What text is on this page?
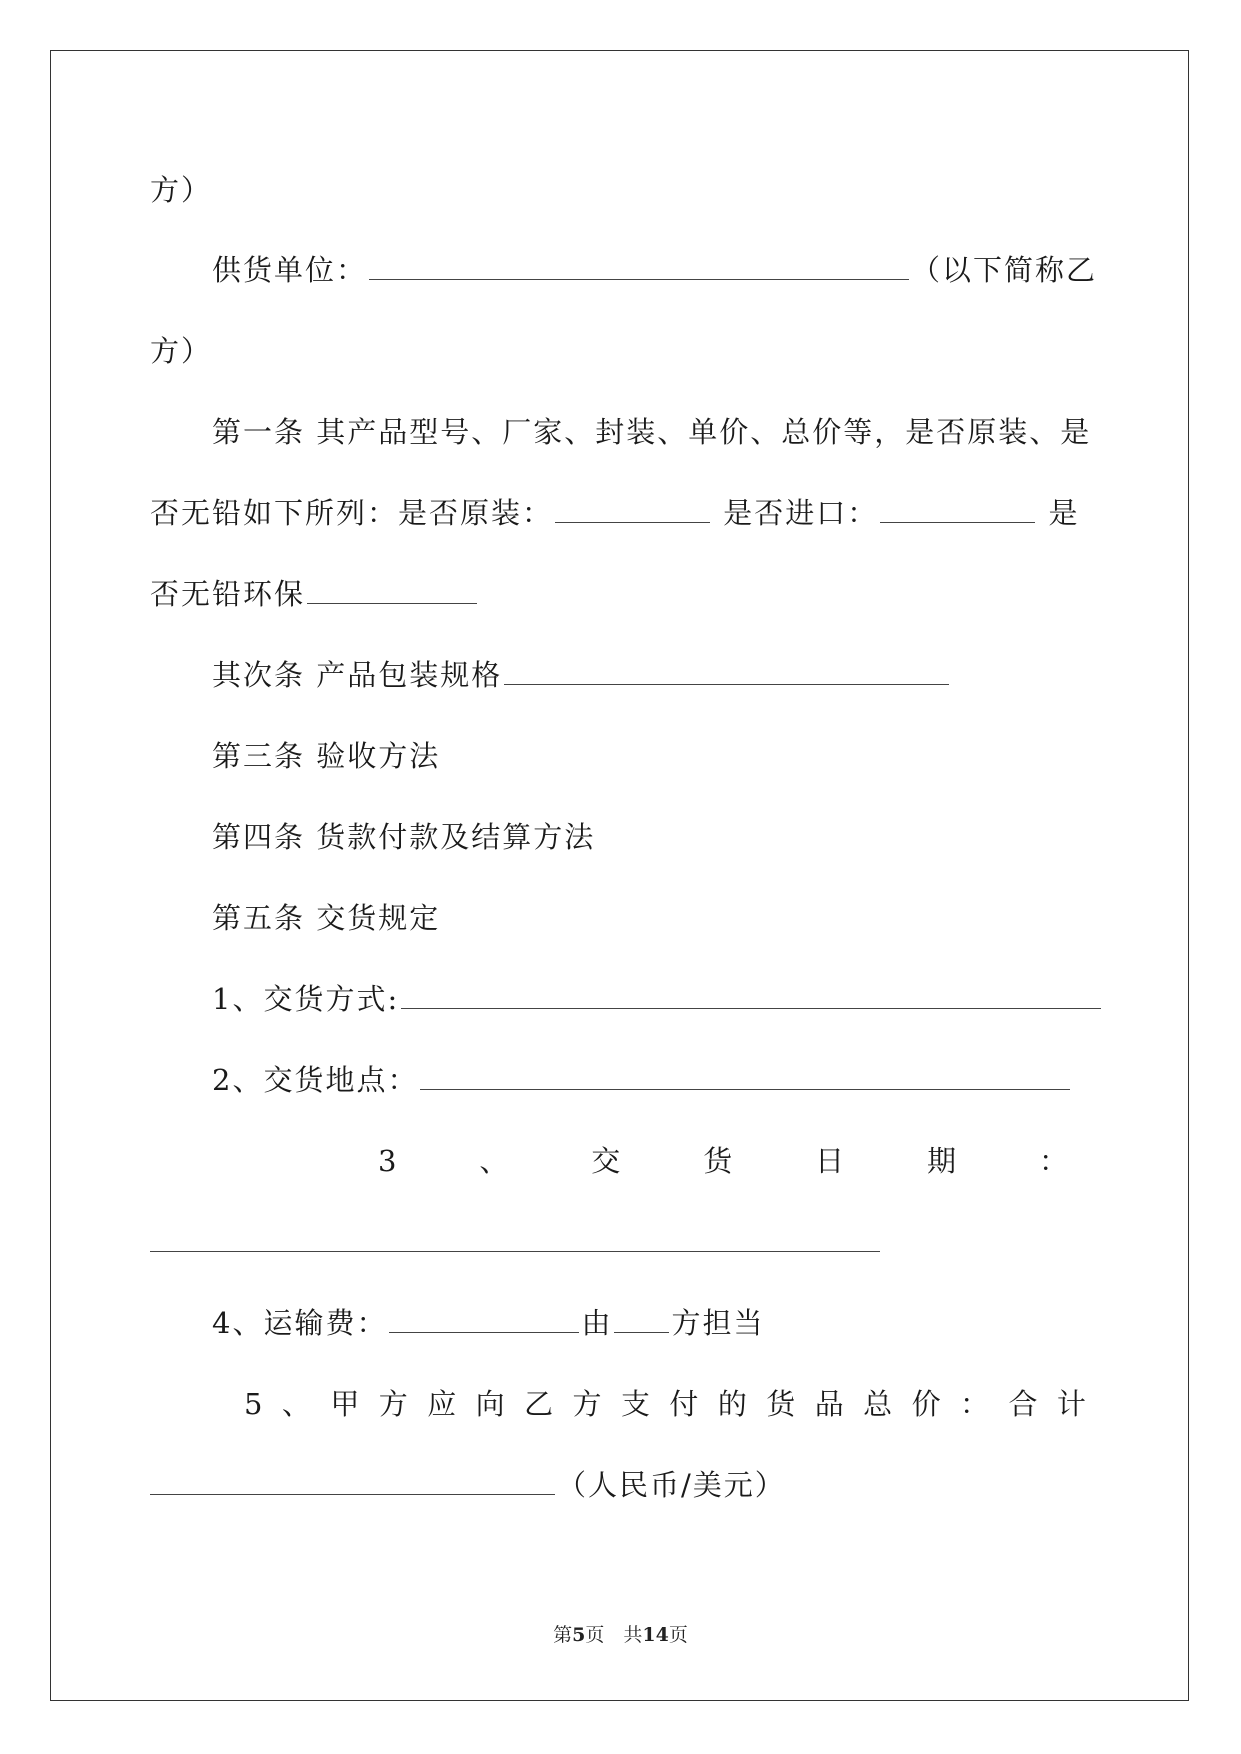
方）
供货单位：	（以下简称乙
方）
第一条 其产品型号、厂家、封装、单价、总价等，是否原装、是
否无铅如下所列：是否原装：	是否进口：	是
否无铅环保
其次条 产品包装规格
第三条 验收方法
第四条 货款付款及结算方法
第五条 交货规定
1、交货方式:
2、交货地点：
3	、	交	货	日	期	：
4、运输费：	由 方担当
5 、 甲 方 应 向 乙 方 支 付 的 货 品 总 价 ： 合 计
（人民币/美元）
第5页　共14页
